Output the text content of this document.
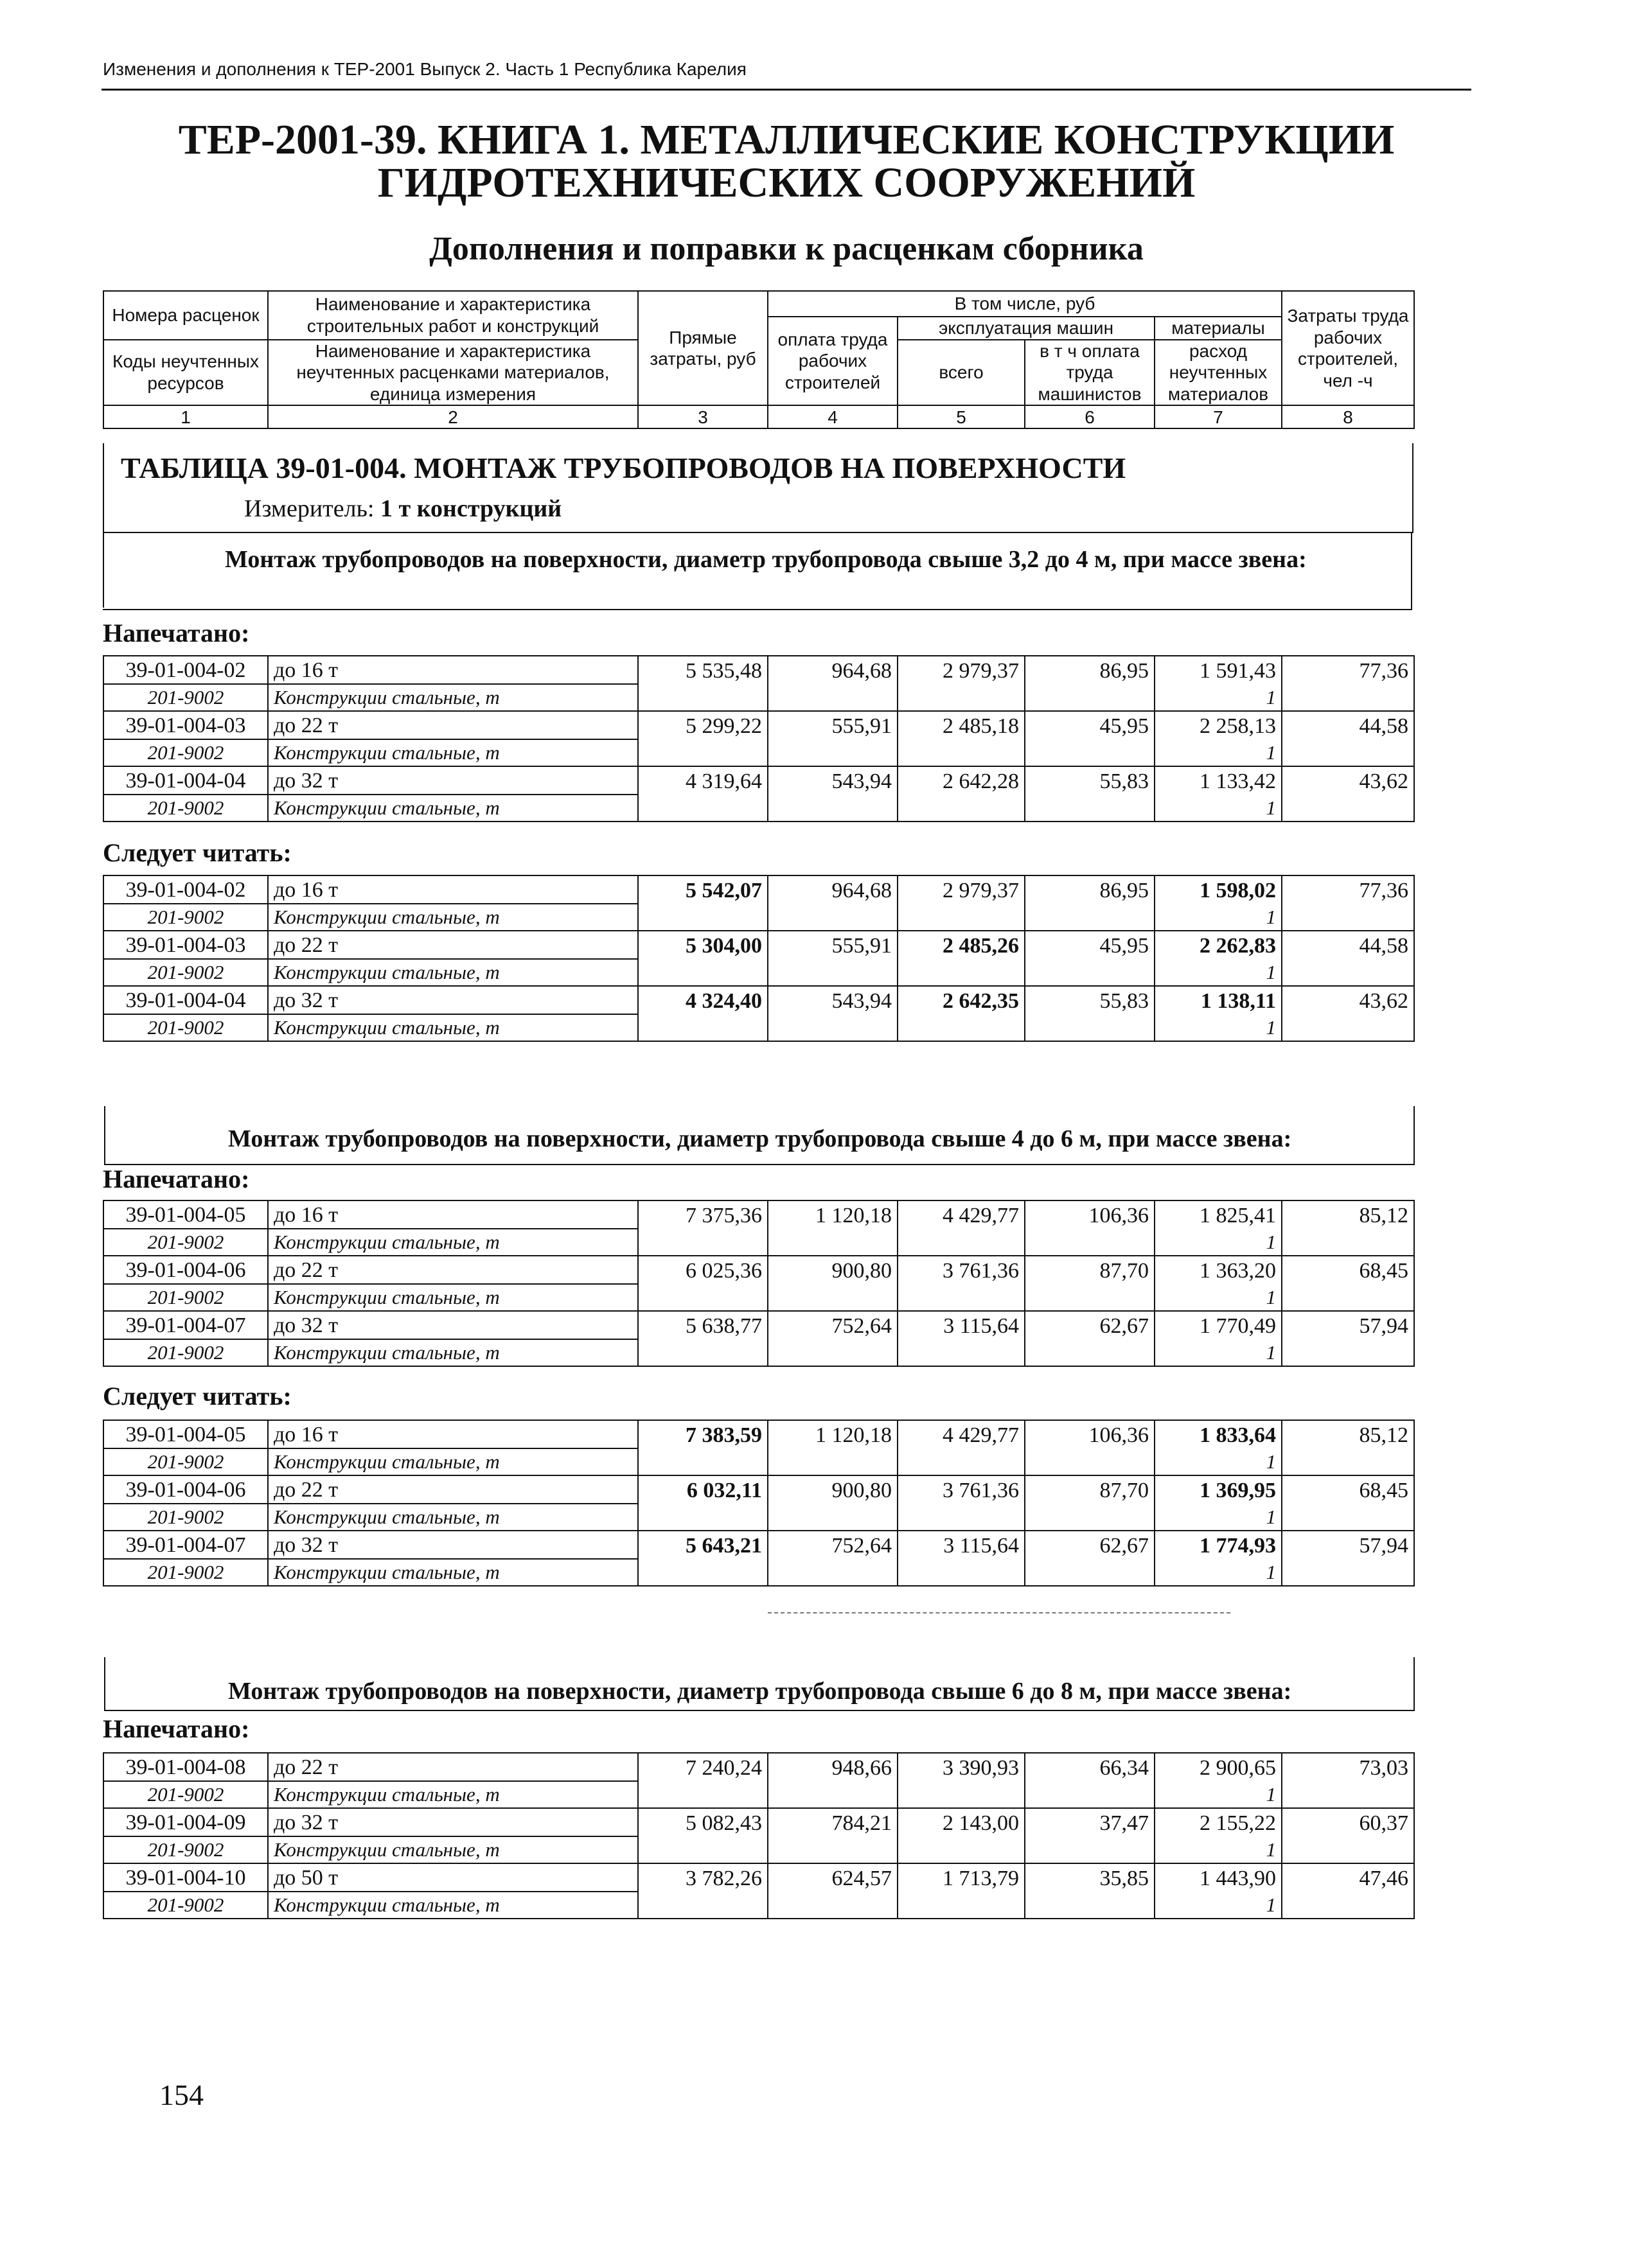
Изменения и дополнения к ТЕР-2001 Выпуск 2. Часть 1 Республика Карелия
ТЕР-2001-39. КНИГА 1. МЕТАЛЛИЧЕСКИЕ КОНСТРУКЦИИ
ГИДРОТЕХНИЧЕСКИХ СООРУЖЕНИЙ
Дополнения и поправки к расценкам сборника
Номера расценок	Наименование и характеристика строительных работ и конструкций	Прямые затраты, руб	В том числе, руб				Затраты труда рабочих строителей, чел -ч
			оплата труда рабочих строителей	эксплуатация машин		материалы	
Коды неучтенных ресурсов	Наименование и характеристика неучтенных расценками материалов, единица измерения			всего	в т ч оплата труда машинистов	расход неучтенных материалов	

1	2	3	4	5	6	7	8
ТАБЛИЦА 39-01-004. МОНТАЖ ТРУБОПРОВОДОВ НА ПОВЕРХНОСТИ
Измеритель: 1 т конструкций
Монтаж трубопроводов на поверхности, диаметр трубопровода свыше 3,2 до 4 м, при массе звена:
Напечатано:
39-01-004-02	до 16 т	5 535,48	964,68	2 979,37	86,95	1 591,43	77,36
201-9002	Конструкции стальные, т					1	
39-01-004-03	до 22 т	5 299,22	555,91	2 485,18	45,95	2 258,13	44,58
201-9002	Конструкции стальные, т					1	
39-01-004-04	до 32 т	4 319,64	543,94	2 642,28	55,83	1 133,42	43,62
201-9002	Конструкции стальные, т					1	
Следует читать:
39-01-004-02	до 16 т	5 542,07	964,68	2 979,37	86,95	1 598,02	77,36
201-9002	Конструкции стальные, т					1	
39-01-004-03	до 22 т	5 304,00	555,91	2 485,26	45,95	2 262,83	44,58
201-9002	Конструкции стальные, т					1	
39-01-004-04	до 32 т	4 324,40	543,94	2 642,35	55,83	1 138,11	43,62
201-9002	Конструкции стальные, т					1	
Монтаж трубопроводов на поверхности, диаметр трубопровода свыше 4 до 6 м, при массе звена:
Напечатано:
39-01-004-05	до 16 т	7 375,36	1 120,18	4 429,77	106,36	1 825,41	85,12
201-9002	Конструкции стальные, т					1	
39-01-004-06	до 22 т	6 025,36	900,80	3 761,36	87,70	1 363,20	68,45
201-9002	Конструкции стальные, т					1	
39-01-004-07	до 32 т	5 638,77	752,64	3 115,64	62,67	1 770,49	57,94
201-9002	Конструкции стальные, т					1	
Следует читать:
39-01-004-05	до 16 т	7 383,59	1 120,18	4 429,77	106,36	1 833,64	85,12
201-9002	Конструкции стальные, т					1	
39-01-004-06	до 22 т	6 032,11	900,80	3 761,36	87,70	1 369,95	68,45
201-9002	Конструкции стальные, т					1	
39-01-004-07	до 32 т	5 643,21	752,64	3 115,64	62,67	1 774,93	57,94
201-9002	Конструкции стальные, т					1	
Монтаж трубопроводов на поверхности, диаметр трубопровода свыше 6 до 8 м, при массе звена:
Напечатано:
39-01-004-08	до 22 т	7 240,24	948,66	3 390,93	66,34	2 900,65	73,03
201-9002	Конструкции стальные, т					1	
39-01-004-09	до 32 т	5 082,43	784,21	2 143,00	37,47	2 155,22	60,37
201-9002	Конструкции стальные, т					1	
39-01-004-10	до 50 т	3 782,26	624,57	1 713,79	35,85	1 443,90	47,46
201-9002	Конструкции стальные, т					1	
154
